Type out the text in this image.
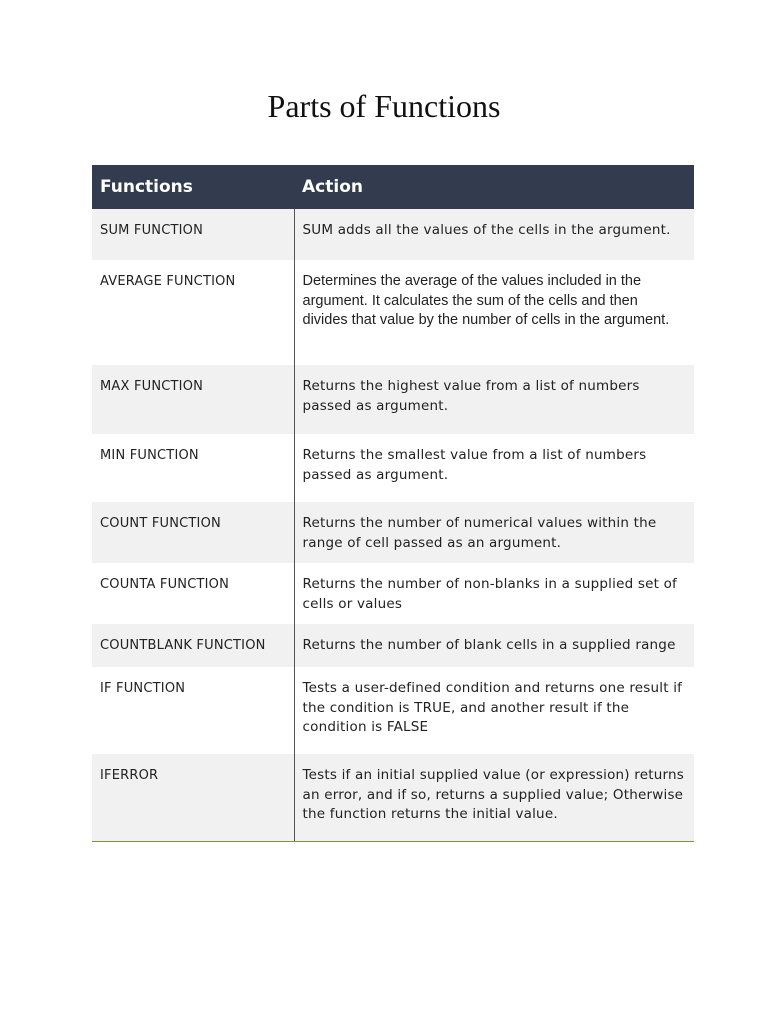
Parts of Functions
Functions	Action
SUM FUNCTION	SUM adds all the values of the cells in the argument.
AVERAGE FUNCTION	Determines the average of the values included in the argument. It calculates the sum of the cells and then divides that value by the number of cells in the argument.
MAX FUNCTION	Returns the highest value from a list of numbers passed as argument.
MIN FUNCTION	Returns the smallest value from a list of numbers passed as argument.
COUNT FUNCTION	Returns the number of numerical values within the range of cell passed as an argument.
COUNTA FUNCTION	Returns the number of non-blanks in a supplied set of cells or values
COUNTBLANK FUNCTION	Returns the number of blank cells in a supplied range
IF FUNCTION	Tests a user-defined condition and returns one result if the condition is TRUE, and another result if the condition is FALSE
IFERROR	Tests if an initial supplied value (or expression) returns an error, and if so, returns a supplied value; Otherwise the function returns the initial value.
